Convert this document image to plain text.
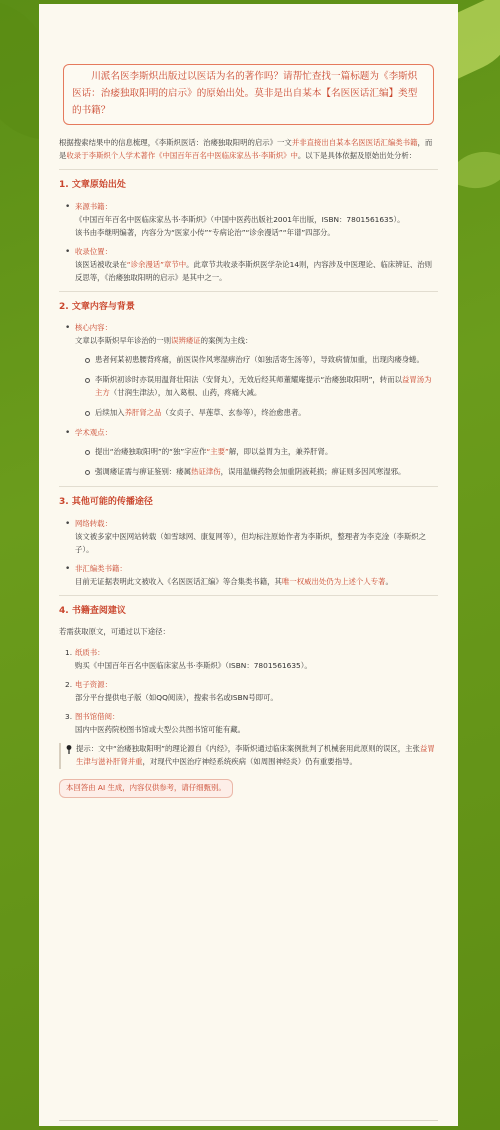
川派名医李斯炽出版过以医话为名的著作吗？请帮忙查找一篇标题为《李斯炽医话：治痿独取阳明的启示》的原始出处。莫非是出自某本【名医医话汇编】类型的书籍？
根据搜索结果中的信息梳理，《李斯炽医话：治痿独取阳明的启示》一文并非直接出自某本名医医话汇编类书籍，而是收录于李斯炽个人学术著作《中国百年百名中医临床家丛书·李斯炽》中。以下是具体依据及原始出处分析：
1. 文章原始出处
• 来源书籍：
《中国百年百名中医临床家丛书·李斯炽》（中国中医药出版社2001年出版，ISBN：7801561635）。
该书由李继明编著，内容分为“医家小传”“专病论治”“诊余漫话”“年谱”四部分。
• 收录位置：
该医话被收录在“诊余漫话”章节中。此章节共收录李斯炽医学杂论14则，内容涉及中医理论、临床辨证、治则反思等，《治痿独取阳明的启示》是其中之一。
2. 文章内容与背景
• 核心内容：
文章以李斯炽早年诊治的一则误辨痿证的案例为主线：
患者何某初患腰背疼痛，前医误作风寒湿痹治疗（如独活寄生汤等），导致病情加重，出现肉痿身蜷。
李斯炽初诊时亦误用温肾壮阳法（安肾丸），无效后经其师董耀庵提示“治痿独取阳明”，转而以益胃汤为主方（甘润生津法），加入葛根、山药，疼痛大减。
后续加入养肝肾之品（女贞子、旱莲草、玄参等），终治愈患者。
• 学术观点：
提出“治痿独取阳明”的“独”字应作“主要”解，即以益胃为主，兼养肝肾。
强调痿证需与痹证鉴别：痿属热证津伤，误用温燥药物会加重阴液耗损；痹证则多因风寒湿邪。
3. 其他可能的传播途径
• 网络转载：
该文被多家中医网站转载（如雪球网、康复网等），但均标注原始作者为李斯炽，整理者为李克淦（李斯炽之子）。
• 非汇编类书籍：
目前无证据表明此文被收入《名医医话汇编》等合集类书籍，其唯一权威出处仍为上述个人专著。
4. 书籍查阅建议
若需获取原文，可通过以下途径：
1. 纸质书：
购买《中国百年百名中医临床家丛书·李斯炽》（ISBN：7801561635）。
2. 电子资源：
部分平台提供电子版（如QQ阅读），搜索书名或ISBN号即可。
3. 图书馆借阅：
国内中医药院校图书馆或大型公共图书馆可能有藏。
提示：文中“治痿独取阳明”的理论源自《内经》，李斯炽通过临床案例批判了机械套用此原则的误区，主张益胃生津与滋补肝肾并重，对现代中医治疗神经系统疾病（如周围神经炎）仍有重要指导。
本回答由 AI 生成，内容仅供参考，请仔细甄别。
